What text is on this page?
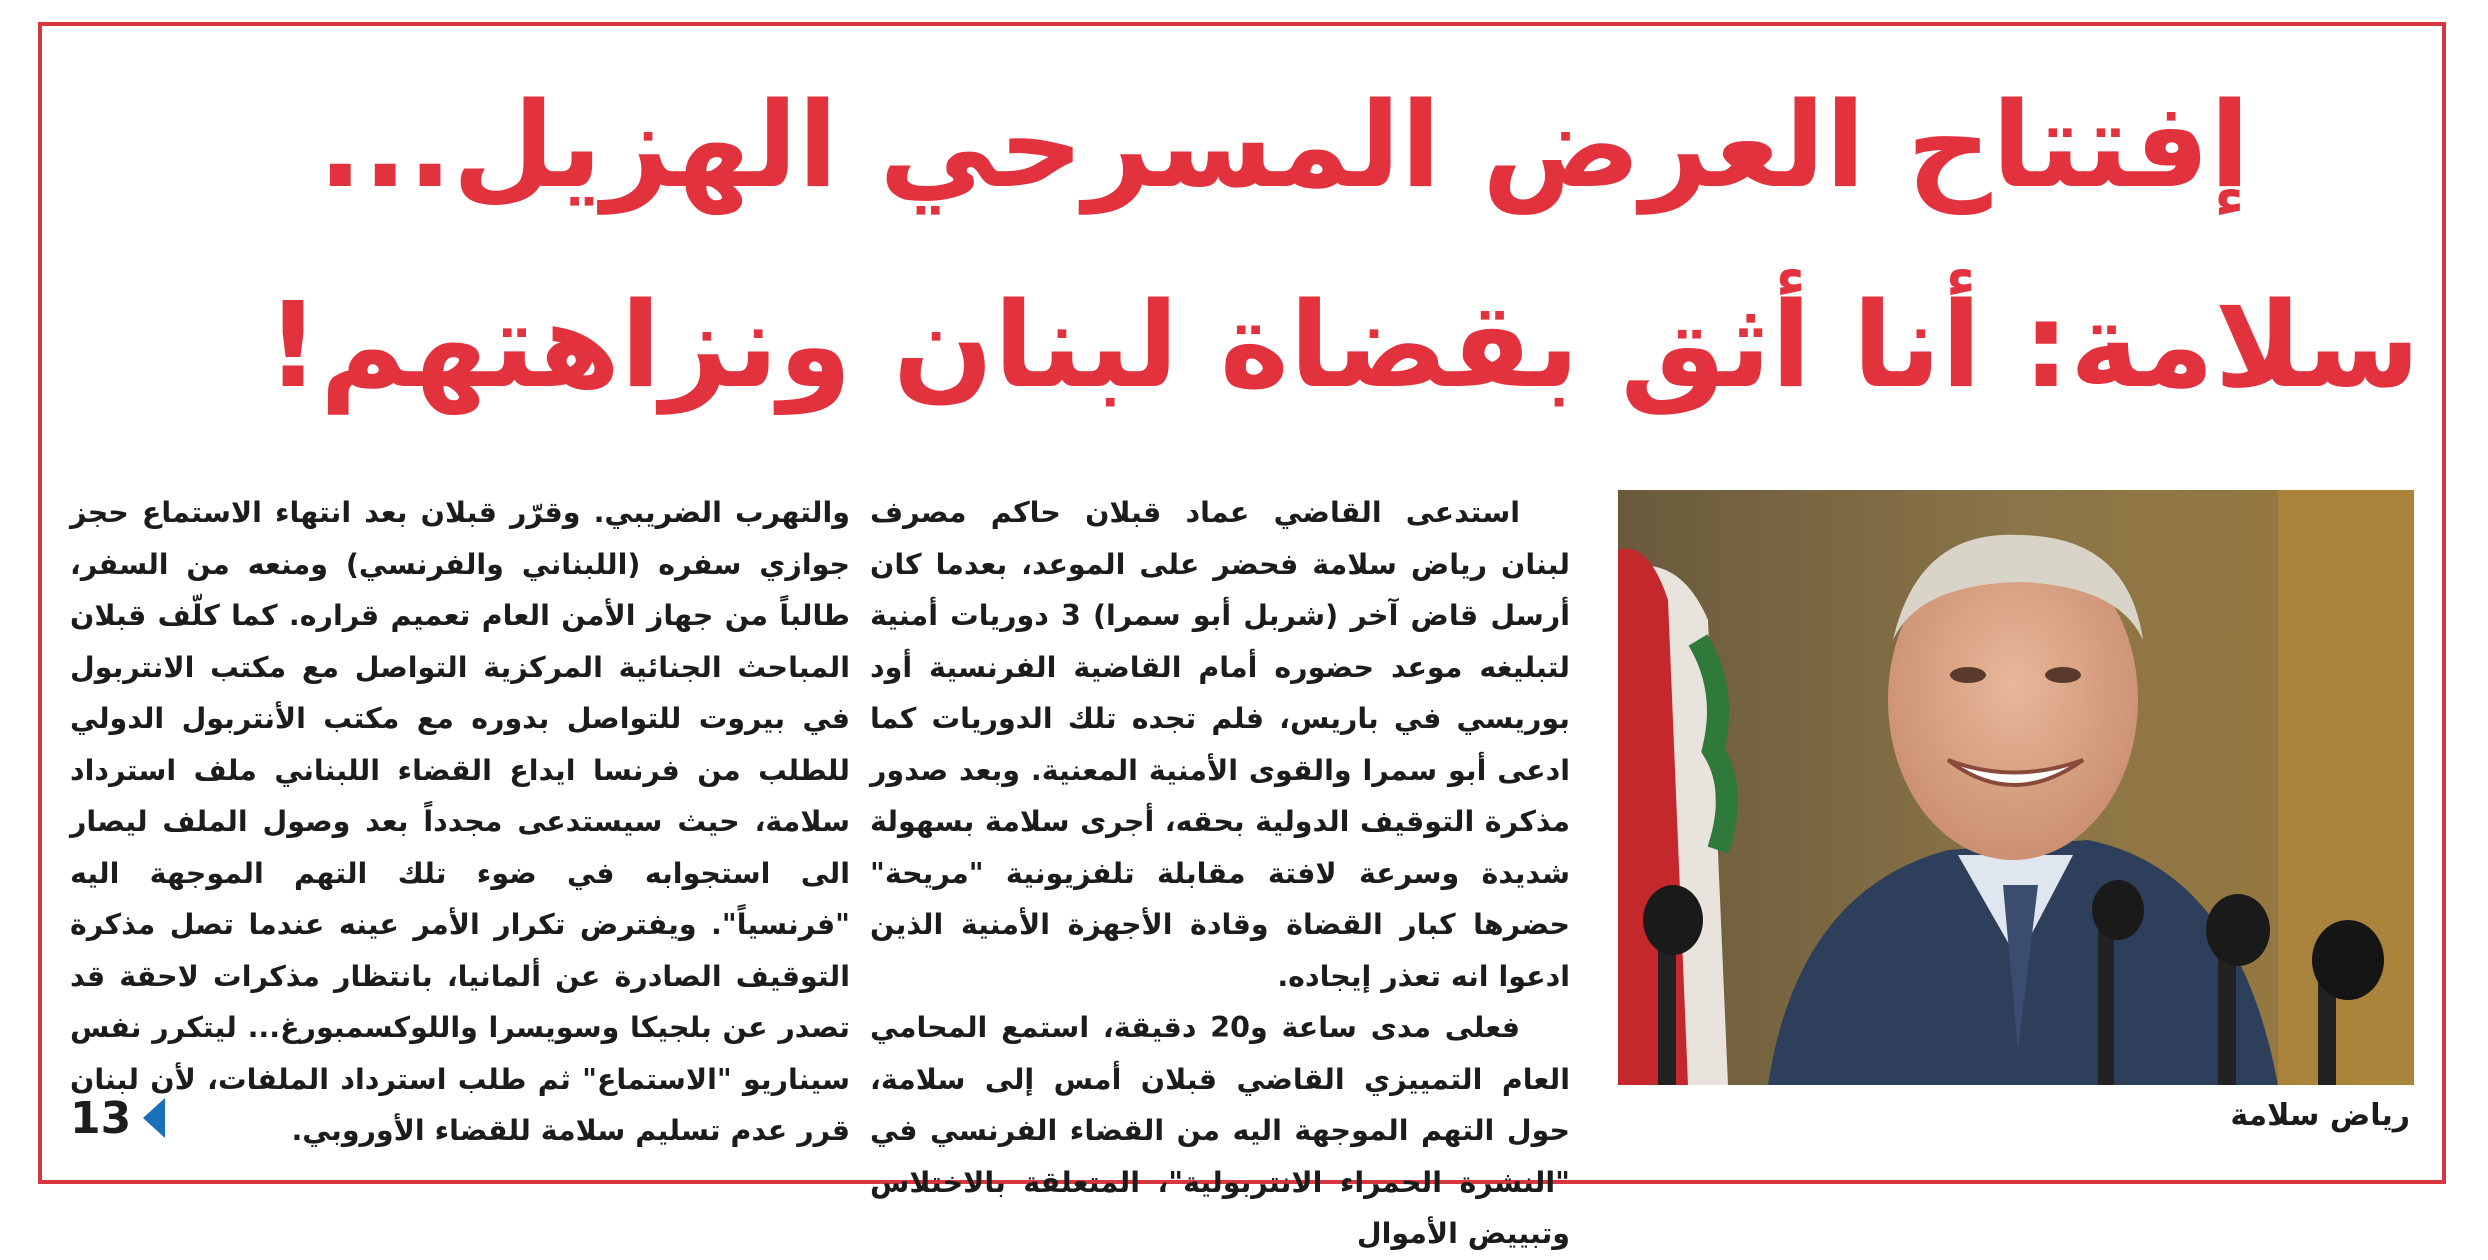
إفتتاح العرض المسرحي الهزيل...
سلامة: أنا أثق بقضاة لبنان ونزاهتهم!

استدعى القاضي عماد قبلان حاكم مصرف لبنان رياض سلامة فحضر على الموعد، بعدما كان أرسل قاض آخر (شربل أبو سمرا) 3 دوريات أمنية لتبليغه موعد حضوره أمام القاضية الفرنسية أود بوريسي في باريس، فلم تجده تلك الدوريات كما ادعى أبو سمرا والقوى الأمنية المعنية. وبعد صدور مذكرة التوقيف الدولية بحقه، أجرى سلامة بسهولة شديدة وسرعة لافتة مقابلة تلفزيونية "مريحة" حضرها كبار القضاة وقادة الأجهزة الأمنية الذين ادعوا انه تعذر إيجاده.

فعلى مدى ساعة و20 دقيقة، استمع المحامي العام التمييزي القاضي قبلان أمس إلى سلامة، حول التهم الموجهة اليه من القضاء الفرنسي في "النشرة الحمراء الانتربولية"، المتعلقة بالاختلاس وتبييض الأموال

والتهرب الضريبي. وقرّر قبلان بعد انتهاء الاستماع حجز جوازي سفره (اللبناني والفرنسي) ومنعه من السفر، طالباً من جهاز الأمن العام تعميم قراره. كما كلّف قبلان المباحث الجنائية المركزية التواصل مع مكتب الانتربول في بيروت للتواصل بدوره مع مكتب الأنتربول الدولي للطلب من فرنسا ايداع القضاء اللبناني ملف استرداد سلامة، حيث سيستدعى مجدداً بعد وصول الملف ليصار الى استجوابه في ضوء تلك التهم الموجهة اليه "فرنسياً". ويفترض تكرار الأمر عينه عندما تصل مذكرة التوقيف الصادرة عن ألمانيا، بانتظار مذكرات لاحقة قد تصدر عن بلجيكا وسويسرا واللوكسمبورغ... ليتكرر نفس سيناريو "الاستماع" ثم طلب استرداد الملفات، لأن لبنان قرر عدم تسليم سلامة للقضاء الأوروبي.	رياض سلامة
13
